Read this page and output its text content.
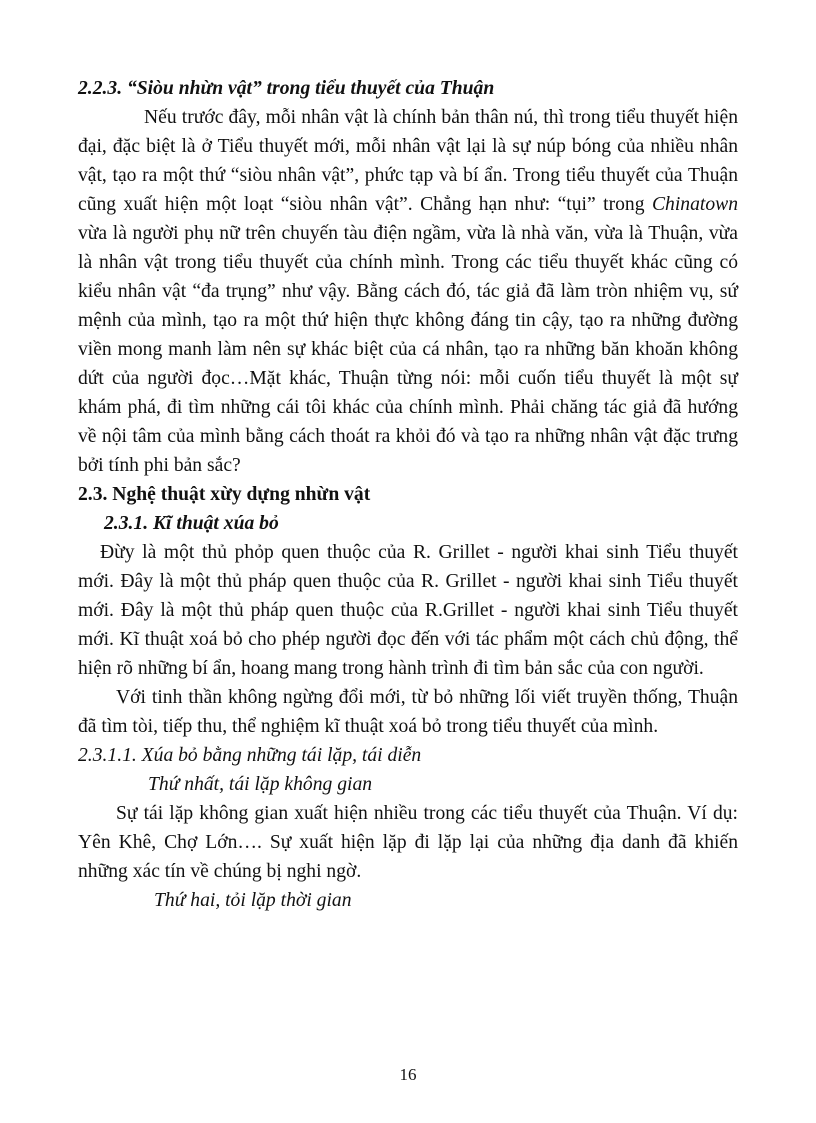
2.2.3. “Siòu nhừn vật” trong tiểu thuyết của Thuận

Nếu trước đây, mỗi nhân vật là chính bản thân nú, thì trong tiểu thuyết hiện đại, đặc biệt là ở Tiểu thuyết mới, mỗi nhân vật lại là sự núp bóng của nhiều nhân vật, tạo ra một thứ “siòu nhân vật”, phức tạp và bí ẩn. Trong tiểu thuyết của Thuận cũng xuất hiện một loạt “siòu nhân vật”. Chẳng hạn như: “tụi” trong Chinatown vừa là người phụ nữ trên chuyến tàu điện ngầm, vừa là nhà văn, vừa là Thuận, vừa là nhân vật trong tiểu thuyết của chính mình. Trong các tiểu thuyết khác cũng có kiểu nhân vật “đa trụng” như vậy. Bằng cách đó, tác giả đã làm tròn nhiệm vụ, sứ mệnh của mình, tạo ra một thứ hiện thực không đáng tin cậy, tạo ra những đường viền mong manh làm nên sự khác biệt của cá nhân, tạo ra những băn khoăn không dứt của người đọc…Mặt khác, Thuận từng nói: mỗi cuốn tiểu thuyết là một sự khám phá, đi tìm những cái tôi khác của chính mình. Phải chăng tác giả đã hướng về nội tâm của mình bằng cách thoát ra khỏi đó và tạo ra những nhân vật đặc trưng bởi tính phi bản sắc?

2.3. Nghệ thuật xừy dựng nhừn vật

2.3.1. Kĩ thuật xúa bỏ

Đừy là một thủ phỏp quen thuộc của R. Grillet - người khai sinh Tiểu thuyết mới. Đây là một thủ pháp quen thuộc của R. Grillet - người khai sinh Tiểu thuyết mới. Đây là một thủ pháp quen thuộc của R.Grillet - người khai sinh Tiểu thuyết mới. Kĩ thuật xoá bỏ cho phép người đọc đến với tác phẩm một cách chủ động, thể hiện rõ những bí ẩn, hoang mang trong hành trình đi tìm bản sắc của con người.

Với tinh thần không ngừng đổi mới, từ bỏ những lối viết truyền thống, Thuận đã tìm tòi, tiếp thu, thể nghiệm kĩ thuật xoá bỏ trong tiểu thuyết của mình.

2.3.1.1. Xúa bỏ bằng những tái lặp, tái diễn

Thứ nhất, tái lặp không gian

Sự tái lặp không gian xuất hiện nhiều trong các tiểu thuyết của Thuận. Ví dụ: Yên Khê, Chợ Lớn…. Sự xuất hiện lặp đi lặp lại của những địa danh đã khiến những xác tín về chúng bị nghi ngờ.

Thứ hai, tỏi lặp thời gian

16
